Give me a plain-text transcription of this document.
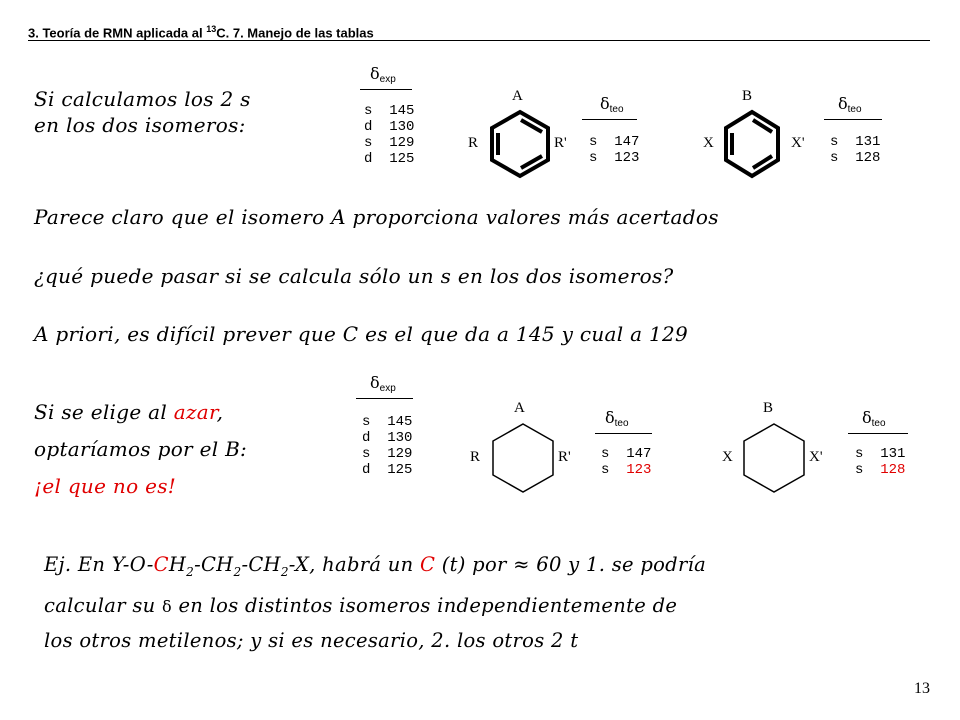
3. Teoría de RMN aplicada al $^{13}$C. 7. Manejo de las tablas
Si calculamos los 2 s
en los dos isomeros:
$\delta_{exp}$
s 145
d 130
s 129
d 125
A
R	R'
$\delta_{teo}$
s 147
s 123
B
X	X'
$\delta_{teo}$
s 131
s 128
Parece claro que el isomero A proporciona valores más acertados
¿qué puede pasar si se calcula sólo un s en los dos isomeros?
A priori, es difícil prever que C es el que da a 145 y cual a 129
Si se elige al azar,
optaríamos por el B:
¡el que no es!
$\delta_{exp}$
s 145
d 130
s 129
d 125
A
R	R'
$\delta_{teo}$
s 147
s 123
B
X	X'
$\delta_{teo}$
s 131
s 128
Ej. En $Y-O-CH_2-CH_2-CH_2-X$, habrá un C (t) por ≈ 60 y 1. se podría
calcular su δ en los distintos isomeros independientemente de
los otros metilenos; y si es necesario, 2. los otros 2 t
13
